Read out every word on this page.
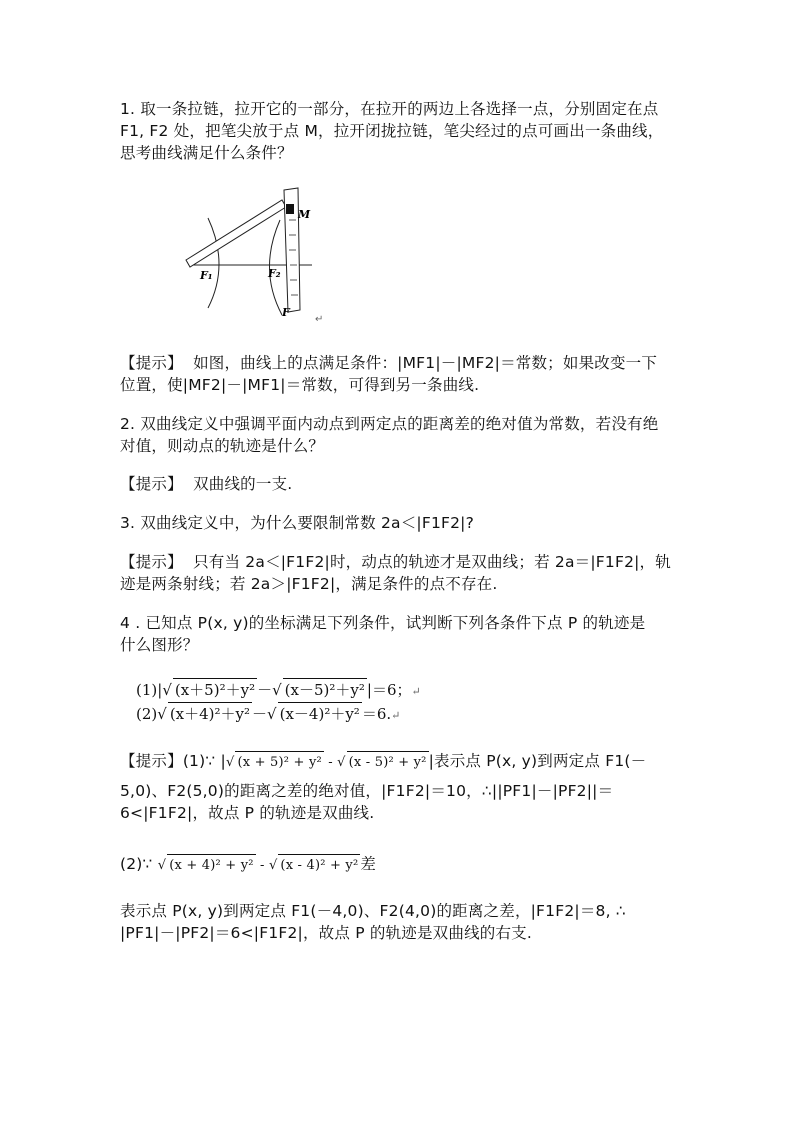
1. 取一条拉链，拉开它的一部分，在拉开的两边上各选择一点，分别固定在点
F1, F2 处，把笔尖放于点 M，拉开闭拢拉链，笔尖经过的点可画出一条曲线，
思考曲线满足什么条件？
M
F₁	F₂
F
↵
【提示】 如图，曲线上的点满足条件：|MF1|－|MF2|＝常数；如果改变一下
位置，使|MF2|－|MF1|＝常数，可得到另一条曲线.
2. 双曲线定义中强调平面内动点到两定点的距离差的绝对值为常数，若没有绝
对值，则动点的轨迹是什么？
【提示】 双曲线的一支.
3. 双曲线定义中，为什么要限制常数 2a＜|F1F2|?
【提示】 只有当 2a＜|F1F2|时，动点的轨迹才是双曲线；若 2a＝|F1F2|，轨
迹是两条射线；若 2a＞|F1F2|，满足条件的点不存在.
4 . 已知点 P(x, y)的坐标满足下列条件，试判断下列各条件下点 P 的轨迹是
什么图形？
(1)|√ (x＋5)²＋y² －√ (x－5)²＋y² |＝6；↵
(2)√ (x＋4)²＋y² －√ (x－4)²＋y² ＝6.↵
【提示】(1)∵ |√ (x + 5)² + y² - √ (x - 5)² + y² |表示点 P(x, y)到两定点 F1(－
5,0)、F2(5,0)的距离之差的绝对值，|F1F2|＝10，∴||PF1|－|PF2||＝
6<|F1F2|，故点 P 的轨迹是双曲线.
(2)∵ √ (x + 4)² + y² - √ (x - 4)² + y² 差
表示点 P(x, y)到两定点 F1(－4,0)、F2(4,0)的距离之差，|F1F2|＝8, ∴
|PF1|－|PF2|＝6<|F1F2|，故点 P 的轨迹是双曲线的右支.
